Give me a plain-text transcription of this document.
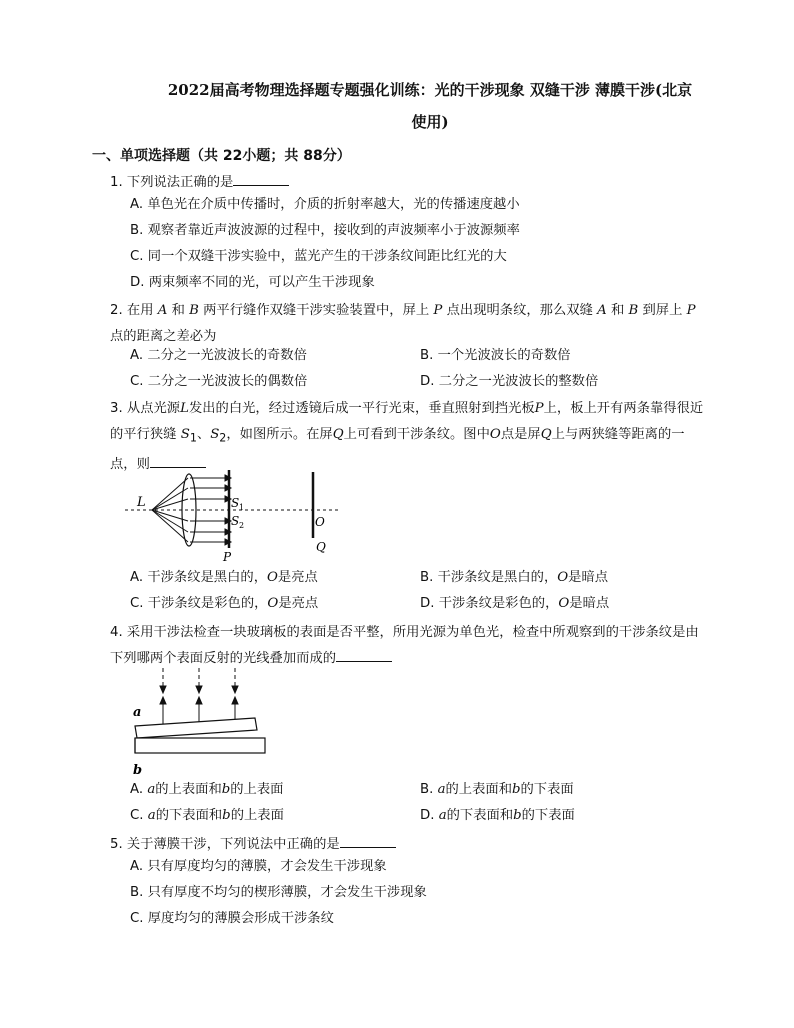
2022届高考物理选择题专题强化训练：光的干涉现象 双缝干涉 薄膜干涉(北京
使用)
一、单项选择题（共 22小题；共 88分）
1. 下列说法正确的是
A. 单色光在介质中传播时，介质的折射率越大，光的传播速度越小
B. 观察者靠近声波波源的过程中，接收到的声波频率小于波源频率
C. 同一个双缝干涉实验中，蓝光产生的干涉条纹间距比红光的大
D. 两束频率不同的光，可以产生干涉现象
2. 在用 A 和 B 两平行缝作双缝干涉实验装置中，屏上 P 点出现明条纹，那么双缝 A 和 B 到屏上 P 点的距离之差必为
A. 二分之一光波波长的奇数倍	B. 一个光波波长的奇数倍
C. 二分之一光波波长的偶数倍	D. 二分之一光波波长的整数倍
3. 从点光源L发出的白光，经过透镜后成一平行光束，垂直照射到挡光板P上，板上开有两条靠得很近的平行狭缝 $S_1$、$S_2$，如图所示。在屏Q上可看到干涉条纹。图中O点是屏Q上与两狭缝等距离的一点，则
L	S 1
S 2	O
P
Q
A. 干涉条纹是黑白的，O是亮点	B. 干涉条纹是黑白的，O是暗点
C. 干涉条纹是彩色的，O是亮点	D. 干涉条纹是彩色的，O是暗点
4. 采用干涉法检查一块玻璃板的表面是否平整，所用光源为单色光，检查中所观察到的干涉条纹是由下列哪两个表面反射的光线叠加而成的
a
b
A. a的上表面和b的上表面	B. a的上表面和b的下表面
C. a的下表面和b的上表面	D. a的下表面和b的下表面
5. 关于薄膜干涉，下列说法中正确的是
A. 只有厚度均匀的薄膜，才会发生干涉现象
B. 只有厚度不均匀的楔形薄膜，才会发生干涉现象
C. 厚度均匀的薄膜会形成干涉条纹
